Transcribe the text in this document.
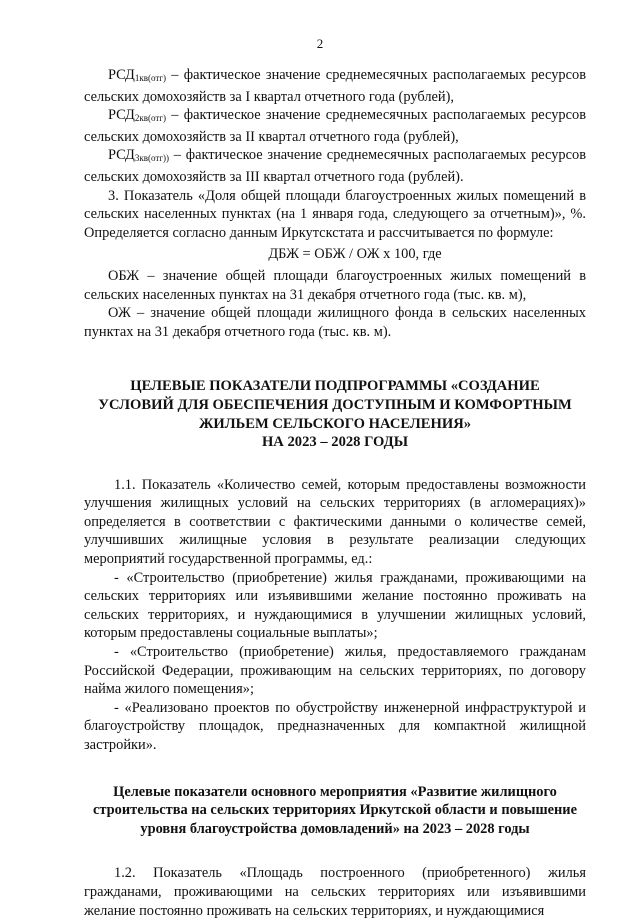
2

$РСД_{1кв(отг)}$ – фактическое значение среднемесячных располагаемых ресурсов сельских домохозяйств за I квартал отчетного года (рублей),

$РСД_{2кв(отг)}$ – фактическое значение среднемесячных располагаемых ресурсов сельских домохозяйств за II квартал отчетного года (рублей),

$РСД_{3кв(отг))}$ – фактическое значение среднемесячных располагаемых ресурсов сельских домохозяйств за III квартал отчетного года (рублей).

3. Показатель «Доля общей площади благоустроенных жилых помещений в сельских населенных пунктах (на 1 января года, следующего за отчетным)», %. Определяется согласно данным Иркутскстата и рассчитывается по формуле:

ДБЖ = ОБЖ / ОЖ х 100, где

ОБЖ – значение общей площади благоустроенных жилых помещений в сельских населенных пунктах на 31 декабря отчетного года (тыс. кв. м),

ОЖ – значение общей площади жилищного фонда в сельских населенных пунктах на 31 декабря отчетного года (тыс. кв. м).

ЦЕЛЕВЫЕ ПОКАЗАТЕЛИ ПОДПРОГРАММЫ «СОЗДАНИЕ
УСЛОВИЙ ДЛЯ ОБЕСПЕЧЕНИЯ ДОСТУПНЫМ И КОМФОРТНЫМ
ЖИЛЬЕМ СЕЛЬСКОГО НАСЕЛЕНИЯ»
НА 2023 – 2028 ГОДЫ

1.1. Показатель «Количество семей, которым предоставлены возможности улучшения жилищных условий на сельских территориях (в агломерациях)» определяется в соответствии с фактическими данными о количестве семей, улучшивших жилищные условия в результате реализации следующих мероприятий государственной программы, ед.:

- «Строительство (приобретение) жилья гражданами, проживающими на сельских территориях или изъявившими желание постоянно проживать на сельских территориях, и нуждающимися в улучшении жилищных условий, которым предоставлены социальные выплаты»;

- «Строительство (приобретение) жилья, предоставляемого гражданам Российской Федерации, проживающим на сельских территориях, по договору найма жилого помещения»;

- «Реализовано проектов по обустройству инженерной инфраструктурой и благоустройству площадок, предназначенных для компактной жилищной застройки».

Целевые показатели основного мероприятия «Развитие жилищного
строительства на сельских территориях Иркутской области и повышение
уровня благоустройства домовладений» на 2023 – 2028 годы

1.2. Показатель «Площадь построенного (приобретенного) жилья гражданами, проживающими на сельских территориях или изъявившими желание постоянно проживать на сельских территориях, и нуждающимися
